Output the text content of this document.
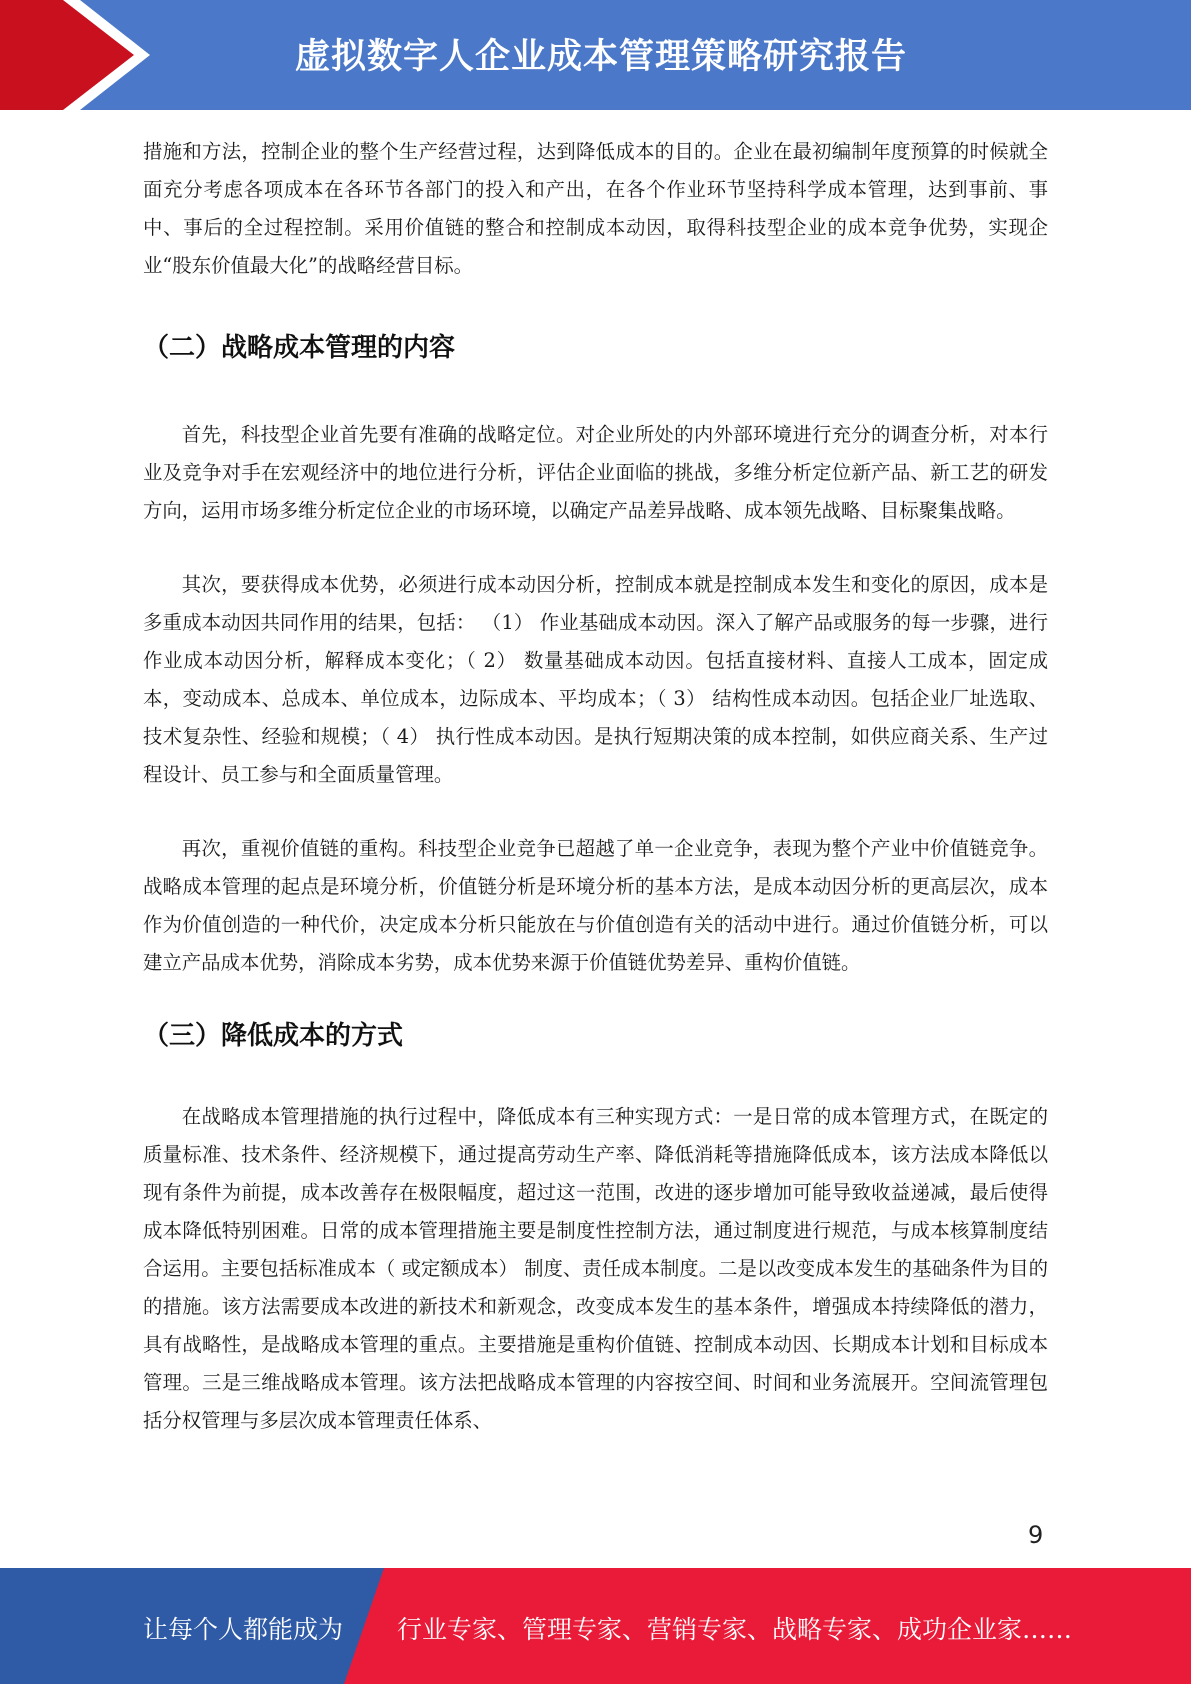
虚拟数字人企业成本管理策略研究报告

措施和方法，控制企业的整个生产经营过程，达到降低成本的目的。企业在最初编制年度预算的时候就全面充分考虑各项成本在各环节各部门的投入和产出，在各个作业环节坚持科学成本管理，达到事前、事中、事后的全过程控制。采用价值链的整合和控制成本动因，取得科技型企业的成本竞争优势，实现企业“股东价值最大化”的战略经营目标。

（二）战略成本管理的内容

首先，科技型企业首先要有准确的战略定位。对企业所处的内外部环境进行充分的调查分析，对本行业及竞争对手在宏观经济中的地位进行分析，评估企业面临的挑战，多维分析定位新产品、新工艺的研发方向，运用市场多维分析定位企业的市场环境，以确定产品差异战略、成本领先战略、目标聚集战略。

其次，要获得成本优势，必须进行成本动因分析，控制成本就是控制成本发生和变化的原因，成本是多重成本动因共同作用的结果，包括： （1） 作业基础成本动因。深入了解产品或服务的每一步骤，进行作业成本动因分析，解释成本变化；（ 2） 数量基础成本动因。包括直接材料、直接人工成本，固定成本，变动成本、总成本、单位成本，边际成本、平均成本；（ 3） 结构性成本动因。包括企业厂址选取、技术复杂性、经验和规模；（ 4） 执行性成本动因。是执行短期决策的成本控制，如供应商关系、生产过程设计、员工参与和全面质量管理。

再次，重视价值链的重构。科技型企业竞争已超越了单一企业竞争，表现为整个产业中价值链竞争。战略成本管理的起点是环境分析，价值链分析是环境分析的基本方法，是成本动因分析的更高层次，成本作为价值创造的一种代价，决定成本分析只能放在与价值创造有关的活动中进行。通过价值链分析，可以建立产品成本优势，消除成本劣势，成本优势来源于价值链优势差异、重构价值链。

（三）降低成本的方式

在战略成本管理措施的执行过程中，降低成本有三种实现方式：一是日常的成本管理方式，在既定的质量标准、技术条件、经济规模下，通过提高劳动生产率、降低消耗等措施降低成本，该方法成本降低以现有条件为前提，成本改善存在极限幅度，超过这一范围，改进的逐步增加可能导致收益递减，最后使得成本降低特别困难。日常的成本管理措施主要是制度性控制方法，通过制度进行规范，与成本核算制度结合运用。主要包括标准成本（ 或定额成本） 制度、责任成本制度。二是以改变成本发生的基础条件为目的的措施。该方法需要成本改进的新技术和新观念，改变成本发生的基本条件，增强成本持续降低的潜力，具有战略性，是战略成本管理的重点。主要措施是重构价值链、控制成本动因、长期成本计划和目标成本管理。三是三维战略成本管理。该方法把战略成本管理的内容按空间、时间和业务流展开。空间流管理包括分权管理与多层次成本管理责任体系、

9
让每个人都能成为 行业专家、管理专家、营销专家、战略专家、成功企业家……
